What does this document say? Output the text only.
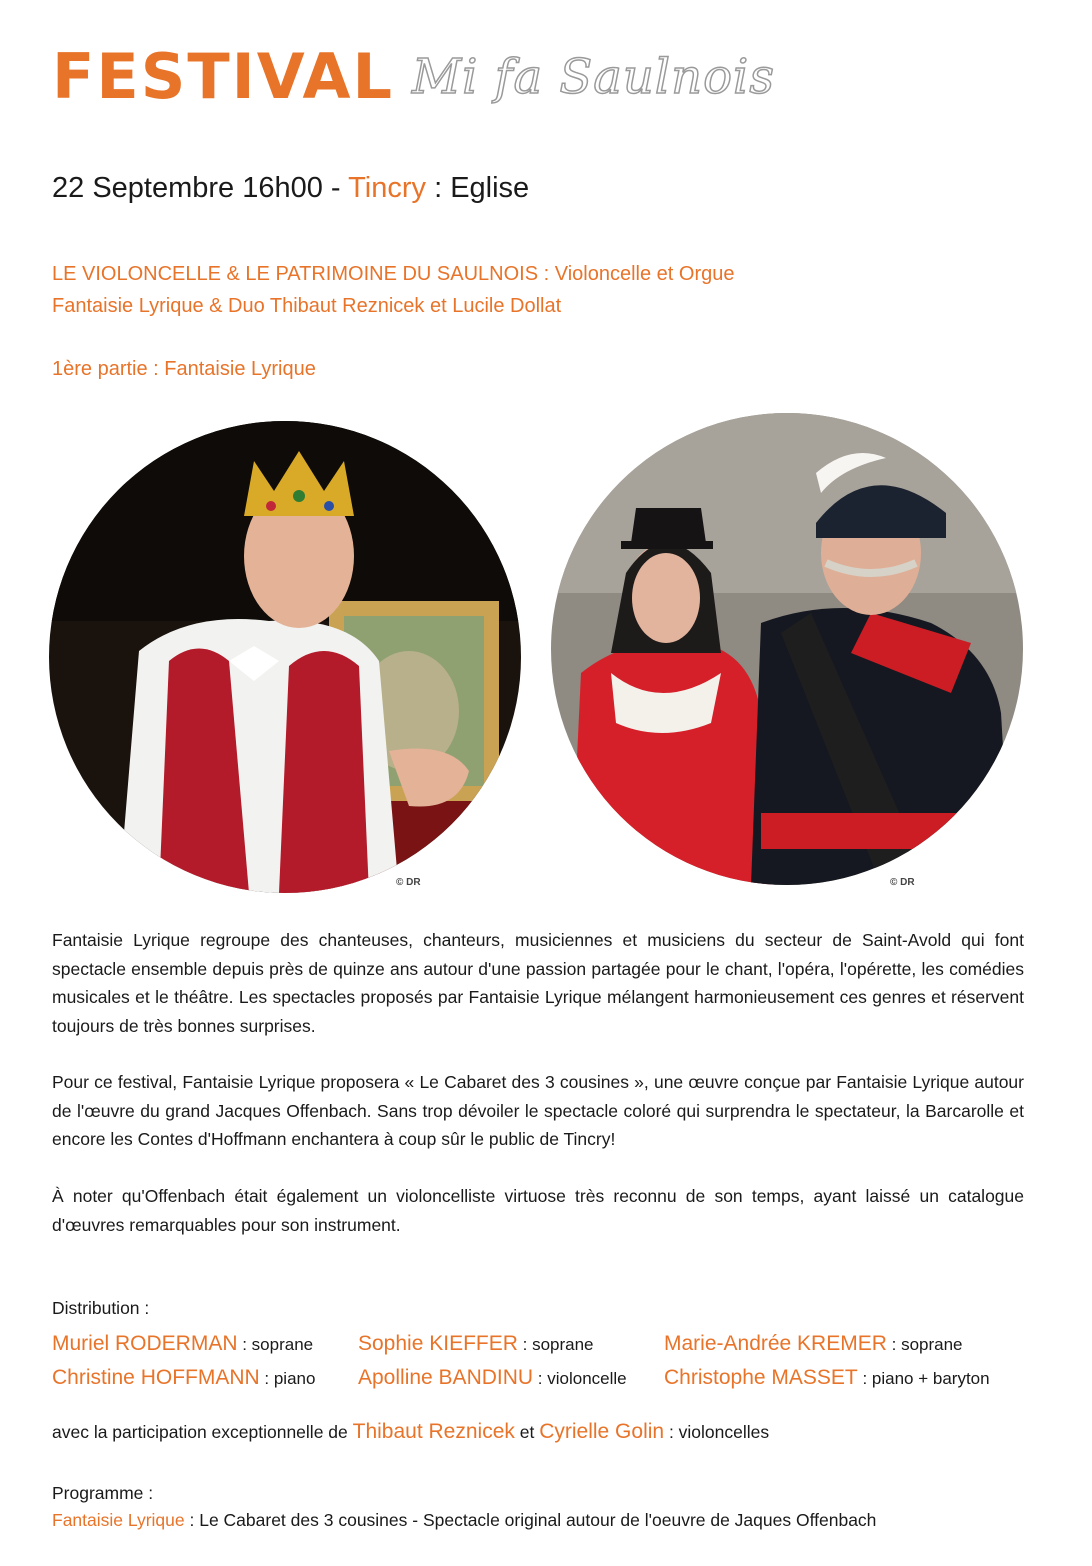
FESTIVAL Mi fa Saulnois
22 Septembre 16h00 - Tincry : Eglise
LE VIOLONCELLE & LE PATRIMOINE DU SAULNOIS : Violoncelle et Orgue
Fantaisie Lyrique & Duo Thibaut Reznicek et Lucile Dollat
1ère partie : Fantaisie Lyrique
© DR	© DR
Fantaisie Lyrique regroupe des chanteuses, chanteurs, musiciennes et musiciens du secteur de Saint-Avold qui font spectacle ensemble depuis près de quinze ans autour d'une passion partagée pour le chant, l'opéra, l'opérette, les comédies musicales et le théâtre. Les spectacles proposés par Fantaisie Lyrique mélangent harmonieusement ces genres et réservent toujours de très bonnes surprises.
Pour ce festival, Fantaisie Lyrique proposera « Le Cabaret des 3 cousines », une œuvre conçue par Fantaisie Lyrique autour de l'œuvre du grand Jacques Offenbach. Sans trop dévoiler le spectacle coloré qui surprendra le spectateur, la Barcarolle et encore les Contes d'Hoffmann enchantera à coup sûr le public de Tincry!
À noter qu'Offenbach était également un violoncelliste virtuose très reconnu de son temps, ayant laissé un catalogue d'œuvres remarquables pour son instrument.
Distribution :
Muriel RODERMAN : soprane
Christine HOFFMANN : piano
Sophie KIEFFER : soprane
Apolline BANDINU : violoncelle
Marie-Andrée KREMER : soprane
Christophe MASSET : piano + baryton
avec la participation exceptionnelle de Thibaut Reznicek et Cyrielle Golin : violoncelles
Programme :
Fantaisie Lyrique : Le Cabaret des 3 cousines - Spectacle original autour de l'oeuvre de Jaques Offenbach
